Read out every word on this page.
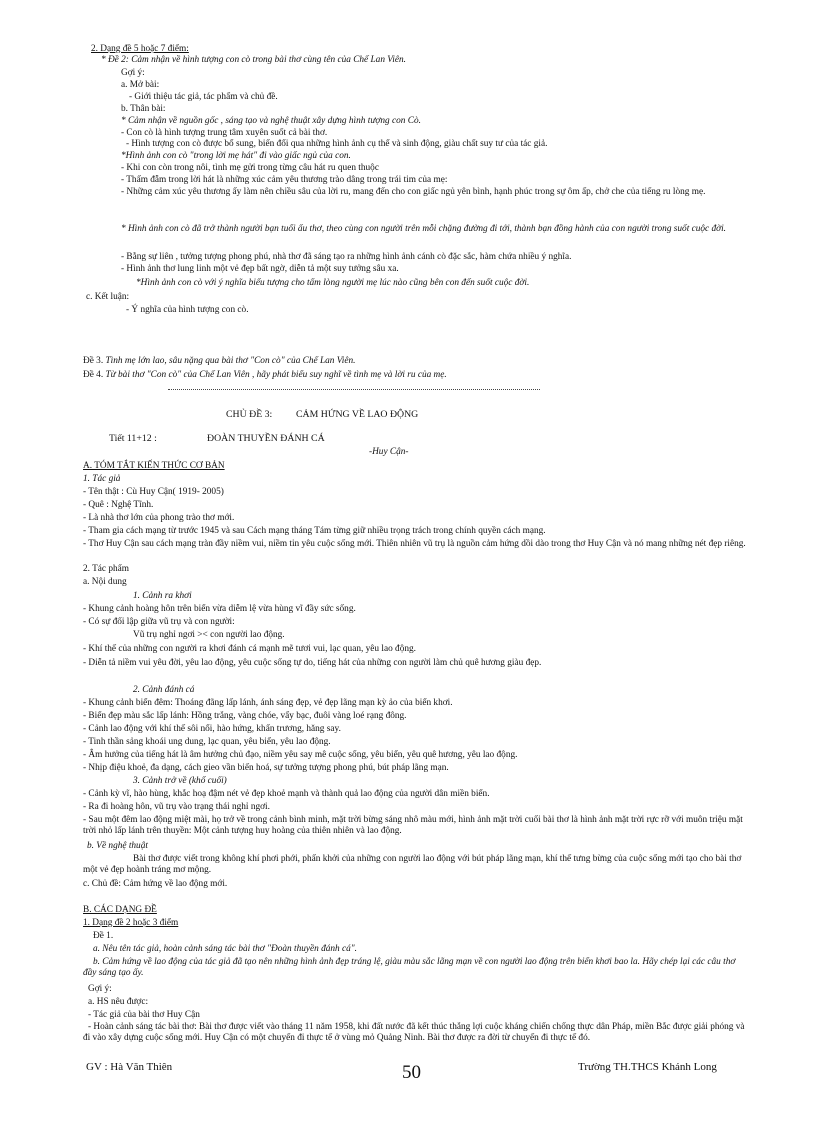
2. Dạng đề 5 hoặc 7 điểm:
* Đề 2: Cảm nhận về hình tượng con cò trong bài thơ cùng tên của Chế Lan Viên.
Gợi ý:
a. Mở bài:
- Giới thiệu tác giả, tác phẩm và chủ đề.
b. Thân bài:
* Cảm nhận về nguồn gốc , sáng tạo và nghệ thuật xây dựng hình tượng con Cò.
- Con cò là hình tượng trung tâm xuyên suốt cả bài thơ.
- Hình tượng con cò được bổ sung, biến đổi qua những hình ảnh cụ thể và sinh động, giàu chất suy tư của tác giả.
*Hình ảnh con cò "trong lời mẹ hát" đi vào giấc ngủ của con.
- Khi con còn trong nôi, tình mẹ gửi trong từng câu hát ru quen thuộc
- Thấm đẫm trong lời hát là những xúc cảm yêu thương trào dâng trong trái tim của mẹ:
- Những cảm xúc yêu thương ấy làm nên chiều sâu của lời ru, mang đến cho con giấc ngủ yên bình, hạnh phúc trong sự ôm ấp, chở che của tiếng ru lòng mẹ.
* Hình ảnh con cò đã trở thành người bạn tuổi ấu thơ, theo cùng con người trên mỗi chặng đường đi tới, thành bạn đồng hành của con người trong suốt cuộc đời.
- Bằng sự liên , tưởng tượng phong phú, nhà thơ đã sáng tạo ra những hình ảnh cánh cò đặc sắc, hàm chứa nhiều ý nghĩa.
- Hình ảnh thơ lung linh một vẻ đẹp bất ngờ, diễn tả một suy tưởng sâu xa.
*Hình ảnh con cò với ý nghĩa biểu tượng cho tấm lòng người mẹ lúc nào cũng bên con đến suốt cuộc đời.
c. Kết luận:
- Ý nghĩa của hình tượng con cò.
Đề 3. Tình mẹ lớn lao, sâu nặng qua bài thơ "Con cò" của Chế Lan Viên.
Đề 4. Từ bài thơ "Con cò" của Chế Lan Viên , hãy phát biểu suy nghĩ về tình mẹ và lời ru của mẹ.
CHỦ ĐỀ 3: CẢM HỨNG VỀ LAO ĐỘNG
Tiết 11+12 :	ĐOÀN THUYỀN ĐÁNH CÁ
-Huy Cận-
A. TÓM TẮT KIẾN THỨC CƠ BẢN
1. Tác giả
- Tên thật : Cù Huy Cận( 1919- 2005)
- Quê : Nghệ Tĩnh.
- Là nhà thơ lớn của phong trào thơ mới.
- Tham gia cách mạng từ trước 1945 và sau Cách mạng tháng Tám từng giữ nhiều trọng trách trong chính quyền cách mạng.
- Thơ Huy Cận sau cách mạng tràn đầy niềm vui, niềm tin yêu cuộc sống mới. Thiên nhiên vũ trụ là nguồn cảm hứng dồi dào trong thơ Huy Cận và nó mang những nét đẹp riêng.
2. Tác phẩm
a. Nội dung
1. Cảnh ra khơi
- Khung cảnh hoàng hôn trên biển vừa diễm lệ vừa hùng vĩ đầy sức sống.
- Có sự đối lập giữa vũ trụ và con người:
Vũ trụ nghỉ ngơi >< con người lao động.
- Khí thế của những con người ra khơi đánh cá mạnh mẽ tươi vui, lạc quan, yêu lao động.
- Diễn tả niềm vui yêu đời, yêu lao động, yêu cuộc sống tự do, tiếng hát của những con người làm chủ quê hương giàu đẹp.
2. Cảnh đánh cá
- Khung cảnh biển đêm: Thoáng đãng lấp lánh, ánh sáng đẹp, vẻ đẹp lãng mạn kỳ ảo của biển khơi.
- Biển đẹp màu sắc lấp lánh: Hồng trắng, vàng chóe, vẩy bạc, đuôi vàng loé rạng đông.
- Cảnh lao động với khí thế sôi nổi, hào hứng, khẩn trương, hăng say.
- Tinh thần sảng khoái ung dung, lạc quan, yêu biển, yêu lao động.
- Âm hưởng của tiếng hát là âm hưởng chủ đạo, niềm yêu say mê cuộc sống, yêu biển, yêu quê hương, yêu lao động.
- Nhịp điệu khoẻ, đa dạng, cách gieo vần biến hoá, sự tưởng tượng phong phú, bút pháp lãng mạn.
3. Cảnh trở về (khổ cuối)
- Cảnh kỳ vĩ, hào hùng, khắc hoạ đậm nét vẻ đẹp khoẻ mạnh và thành quả lao động của người dân miền biển.
- Ra đi hoàng hôn, vũ trụ vào trạng thái nghỉ ngơi.
- Sau một đêm lao động miệt mài, họ trở về trong cảnh bình minh, mặt trời bừng sáng nhô màu mới, hình ảnh mặt trời cuối bài thơ là hình ảnh mặt trời rực rỡ với muôn triệu mặt trời nhỏ lấp lánh trên thuyền: Một cảnh tượng huy hoàng của thiên nhiên và lao động.
b. Về nghệ thuật
Bài thơ được viết trong không khí phơi phới, phấn khởi của những con người lao động với bút pháp lãng mạn, khí thế tưng bừng của cuộc sống mới tạo cho bài thơ một vẻ đẹp hoành tráng mơ mộng.
c. Chủ đề: Cảm hứng về lao động mới.
B. CÁC DẠNG ĐỀ
1. Dạng đề 2 hoặc 3 điểm
Đề 1.
a. Nêu tên tác giả, hoàn cảnh sáng tác bài thơ "Đoàn thuyền đánh cá".
b. Cảm hứng về lao động của tác giả đã tạo nên những hình ảnh đẹp tráng lệ, giàu màu sắc lãng mạn về con người lao động trên biển khơi bao la. Hãy chép lại các câu thơ đầy sáng tạo ấy.
Gợi ý:
a. HS nêu được:
- Tác giả của bài thơ Huy Cận
- Hoàn cảnh sáng tác bài thơ: Bài thơ được viết vào tháng 11 năm 1958, khi đất nước đã kết thúc thắng lợi cuộc kháng chiến chống thực dân Pháp, miền Bắc được giải phóng và đi vào xây dựng cuộc sống mới. Huy Cận có một chuyến đi thực tế ở vùng mỏ Quảng Ninh. Bài thơ được ra đời từ chuyến đi thực tế đó.
GV : Hà Văn Thiên	50	Trường TH.THCS Khánh Long
